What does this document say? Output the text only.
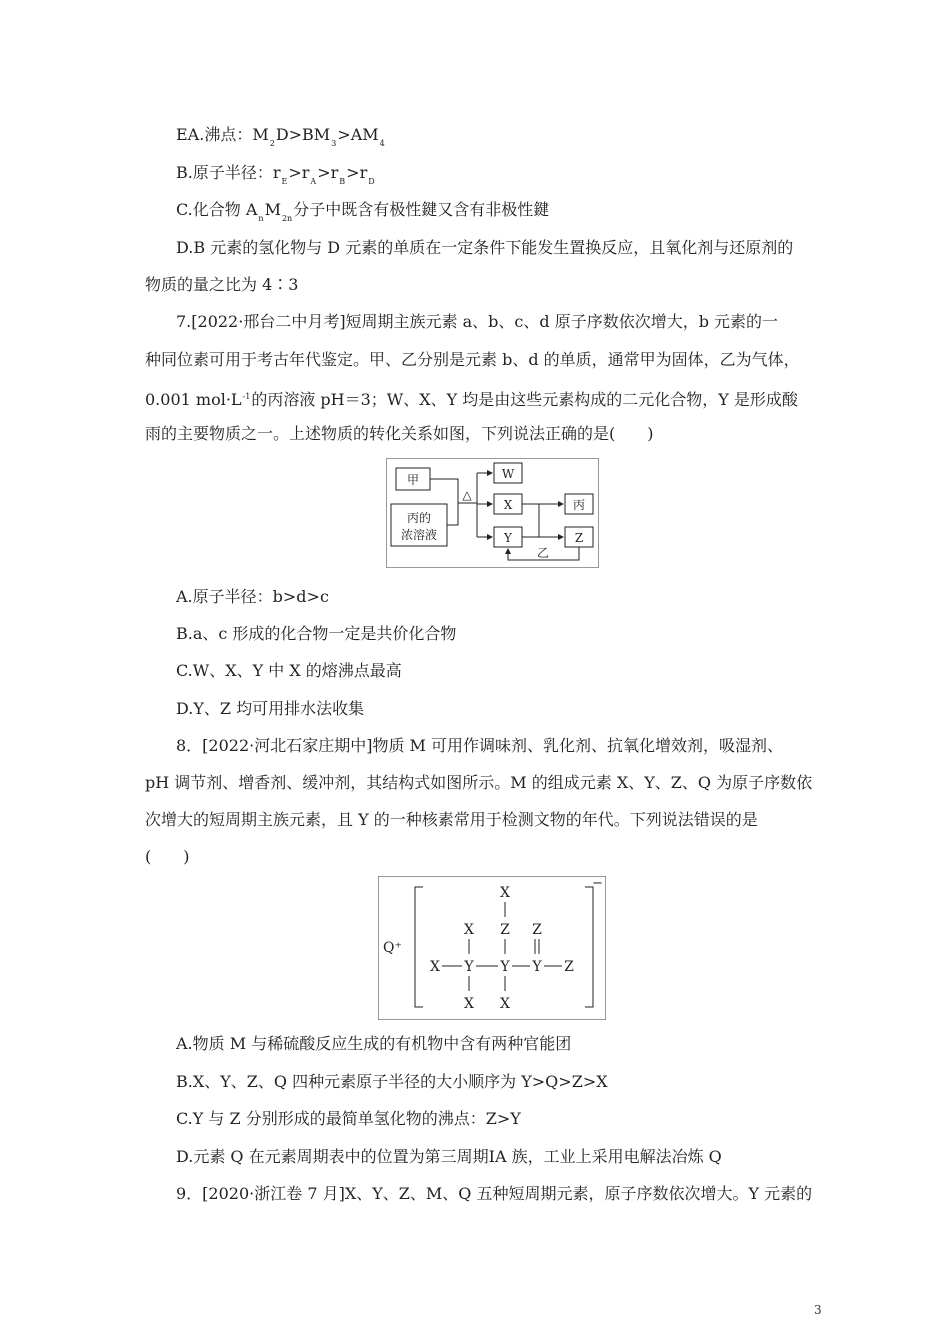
EA.沸点：$M_2D>BM_3>AM_4$
B.原子半径：$r_E>r_A>r_B>r_D$
C.化合物 $A_nM_{2n}$分子中既含有极性鍵又含有非极性鍵
D.B 元素的氢化物与 D 元素的单质在一定条件下能发生置换反应，且氧化剂与还原剂的
物质的量之比为 4∶3
7.[2022·邢台二中月考]短周期主族元素 a、b、c、d 原子序数依次增大，b 元素的一
种同位素可用于考古年代鉴定。甲、乙分别是元素 b、d 的单质，通常甲为固体，乙为气体，
0.001 $mol\cdot L^{-1}$的丙溶液 pH＝3；W、X、Y 均是由这些元素构成的二元化合物，Y 是形成酸
雨的主要物质之一。上述物质的转化关系如图，下列说法正确的是(　　)
甲
丙的
浓溶液
△
W
X
Y
丙
Z
乙
A.原子半径：b>d>c
B.a、c 形成的化合物一定是共价化合物
C.W、X、Y 中 X 的熔沸点最高
D.Y、Z 均可用排水法收集
8．[2022·河北石家庄期中]物质 M 可用作调味剂、乳化剂、抗氧化增效剂，吸湿剂、
pH 调节剂、增香剂、缓冲剂，其结构式如图所示。M 的组成元素 X、Y、Z、Q 为原子序数依
次增大的短周期主族元素，且 Y 的一种核素常用于检测文物的年代。下列说法错误的是
(　　)
Q⁺
−
X
Z
X	Z
X Y Y Y Z
X X
A.物质 M 与稀硫酸反应生成的有机物中含有两种官能团
B.X、Y、Z、Q 四种元素原子半径的大小顺序为 Y>Q>Z>X
C.Y 与 Z 分别形成的最简单氢化物的沸点：Z>Y
D.元素 Q 在元素周期表中的位置为第三周期ⅠA 族，工业上采用电解法冶炼 Q
9．[2020·浙江卷 7 月]X、Y、Z、M、Q 五种短周期元素，原子序数依次增大。Y 元素的
3
